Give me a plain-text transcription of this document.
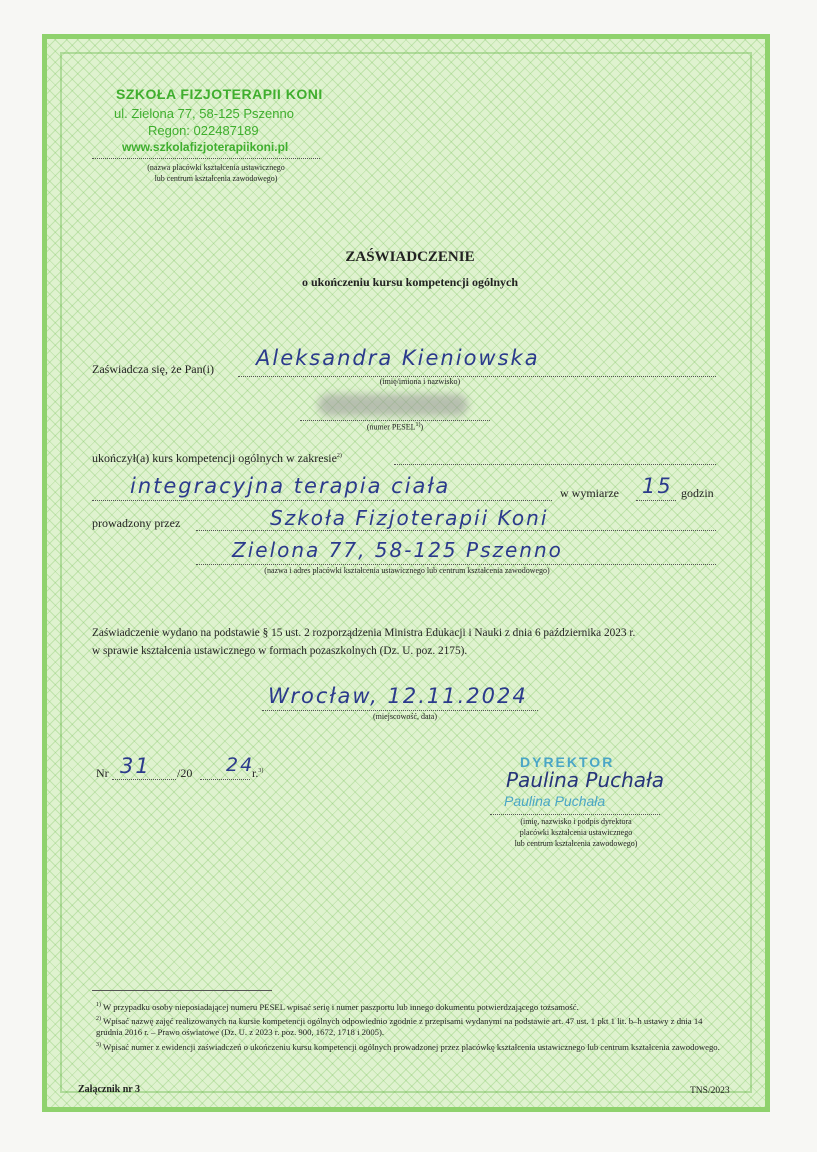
SZKOŁA FIZJOTERAPII KONI
ul. Zielona 77, 58-125 Pszenno
Regon: 022487189
www.szkolafizjoterapiikoni.pl
(nazwa placówki kształcenia ustawicznego
lub centrum kształcenia zawodowego)
ZAŚWIADCZENIE
o ukończeniu kursu kompetencji ogólnych
Zaświadcza się, że Pan(i) Aleksandra Kieniowska
(imię/imiona i nazwisko)
(numer PESEL$^{1)}$)
ukończył(a) kurs kompetencji ogólnych w zakresie$^{2)}$
integracyjna terapia ciała	w wymiarze 15 godzin
prowadzony przez	Szkoła Fizjoterapii Koni
Zielona 77, 58-125 Pszenno
(nazwa i adres placówki kształcenia ustawicznego lub centrum kształcenia zawodowego)
Zaświadczenie wydano na podstawie § 15 ust. 2 rozporządzenia Ministra Edukacji i Nauki z dnia 6 października 2023 r.
w sprawie kształcenia ustawicznego w formach pozaszkolnych (Dz. U. poz. 2175).
Wrocław, 12.11.2024
(miejscowość, data)
Nr 31 /20 24
r.$^{3)}$
DYREKTOR
Paulina Puchała
Paulina Puchała
(imię, nazwisko i podpis dyrektora
placówki kształcenia ustawicznego
lub centrum kształcenia zawodowego)
$^{1)}$ W przypadku osoby nieposiadającej numeru PESEL wpisać serię i numer paszportu lub innego dokumentu potwierdzającego tożsamość.
$^{2)}$ Wpisać nazwę zajęć realizowanych na kursie kompetencji ogólnych odpowiednio zgodnie z przepisami wydanymi na podstawie art. 47 ust. 1 pkt 1 lit. b–h ustawy z dnia 14 grudnia 2016 r. – Prawo oświatowe (Dz. U. z 2023 r. poz. 900, 1672, 1718 i 2005).
$^{3)}$ Wpisać numer z ewidencji zaświadczeń o ukończeniu kursu kompetencji ogólnych prowadzonej przez placówkę kształcenia ustawicznego lub centrum kształcenia zawodowego.
Załącznik nr 3	TNS/2023
